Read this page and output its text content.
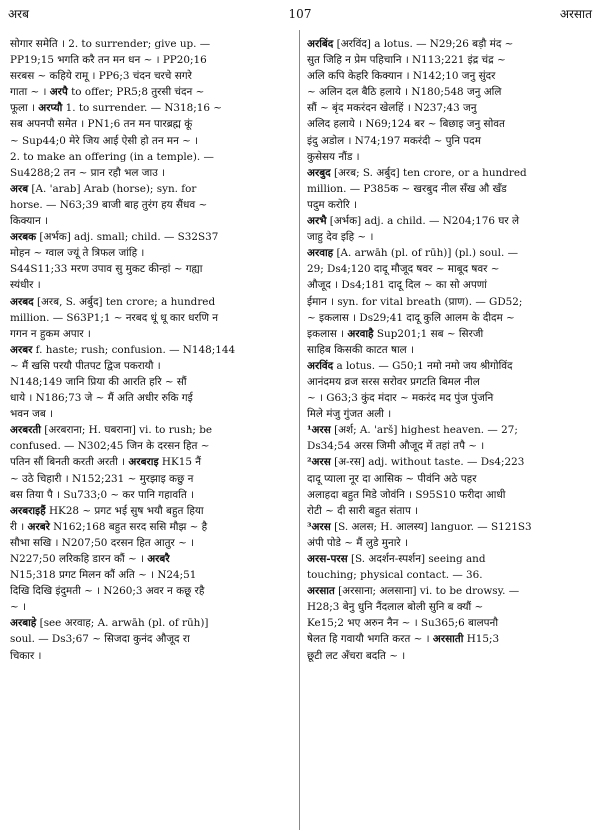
अरब	107	अरसात
सोगार समेति । 2. to surrender; give up. —
PP19;15 भगति करै तन मन धन ~ । PP20;16
सरबस ~ कहिये रामू । PP6;3 चंदन चरचे सगरे
गाता ~ । अरपै to offer; PR5;8 तुरसी चंदन ~
फूला । अरप्यौ 1. to surrender. — N318;16 ~
सब अपनपौ समेत । PN1;6 तन मन पारब्रह्म कूं
~ Sup44;0 मेरे जिय आई ऐसी हो तन मन ~ ।
2. to make an offering (in a temple). —
Su4288;2 तन ~ प्रान रहौ भल जाउ ।
अरब [A. 'arab] Arab (horse); syn. for
horse. — N63;39 बाजी बाह तुरंग हय सैंधव ~
किक्यान ।
अरबक [अर्भक] adj. small; child. — S32S37
मोहन ~ ग्वाल ज्यूं ते त्रिफल जांहि ।
S44S11;33 मरण उपाव सु मुकट कीन्हां ~ गह्या
स्यंधीर ।
अरबद [अरब, S. अर्बुद] ten crore; a hundred
million. — S63P1;1 ~ नरबद धूं धू कार धरणि न
गगन न हुकम अपार ।
अरबर f. haste; rush; confusion. — N148;144
~ मैं खसि परयौ पीतपट द्विज पकरायौ ।
N148;149 जानि प्रिया की आरति हरि ~ सौं
धाये । N186;73 जे ~ मैं अति अधीर रुकि गई
भवन जब ।
अरबरती [अरबराना; H. घबराना] vi. to rush; be
confused. — N302;45 जिन के दरसन हित ~
पतिन सौं बिनती करती अरती । अरबराइ HK15 नैं
~ उठे चिहारी । N152;231 ~ मुरझाइ कछु न
बस तिया पै । Su733;0 ~ कर पानि गहावति ।
अरबराइहैं HK28 ~ प्रगट भई सुष भयौ बहुत हिया
री । अरबरे N162;168 बहुत सरद ससि मौझ ~ है
सौभा सखि । N207;50 दरसन हित आतुर ~ ।
N227;50 लरिकहि डारन कौं ~ । अरबरै
N15;318 प्रगट मिलन कौं अति ~ । N24;51
दिखि दिखि इंदुमती ~ । N260;3 अवर न कछू रहै
~ ।
अरबाहे [see अरवाह; A. arwāh (pl. of rūh)]
soul. — Ds3;67 ~ सिजदा कुनंद औजूद रा
चिकार ।
अरबिंद [अरविंद] a lotus. — N29;26 बड़ौ मंद ~
सुत जिहि न प्रेम पहिचानि । N113;221 इंद्र चंद्र ~
अलि कपि केहरि किक्यान । N142;10 जनु सुंदर
~ अलिन दल बैठि हलाये । N180;548 जनु अलि
सौं ~ बृंद मकरंदन खेलहिं । N237;43 जनु
अलिद हलाये । N69;124 बर ~ बिछाइ जनु सोवत
इंदु अडोल । N74;197 मकरंदी ~ पुनि पदम
कुसेसय नौंड ।
अरबुद [अरब; S. अर्बुद] ten crore, or a hundred
million. — P385क ~ खरबुद नील सँख औ खँड
पदुम करोरि ।
अरभै [अर्भक] adj. a child. — N204;176 घर ले
जाहु देव इहि ~ ।
अरवाह [A. arwāh (pl. of rūh)] (pl.) soul. —
29; Ds4;120 दादू मौजूद षवर ~ माबूद षवर ~
औजूद । Ds4;181 दादू दिल ~ का सो अपणां
ईमान । syn. for vital breath (प्राण). — GD52;
~ इकलास । Ds29;41 दादू कुलि आलम के दीदम ~
इकलास । अरवाहै Sup201;1 सब ~ सिरजी
साहिब किसकी काटत षाल ।
अरविंद a lotus. — G50;1 नमो नमो जय श्रीगोविंद
आनंदमय व्रज सरस सरोवर प्रगटति बिमल नील
~ । G63;3 कुंद मंदार ~ मकरंद मद पुंज पुंजनि
मिले मंजु गुंजत अली ।
¹अरस [अर्श; A. 'arš] highest heaven. — 27;
Ds34;54 अरस जिमी औजूद में तहां तपै ~ ।
²अरस [अ-रस] adj. without taste. — Ds4;223
दादू प्याला नूर दा आसिक ~ पीवंनि अठे पहर
अलाहदा बहुत मिडे जोवंनि । S95S10 फरीदा आधी
रोटी ~ दी सारी बहुत संताप ।
³अरस [S. अलस; H. आलस्य] languor. — S121S3
अंपी पोडे ~ मैं लुडे मुनारे ।
अरस-परस [S. अदर्शन-स्पर्शन] seeing and
touching; physical contact. — 36.
अरसात [अरसाना; अलसाना] vi. to be drowsy. —
H28;3 बेनु धुनि नैंदलाल बोली सुनि ब क्यौं ~
Ke15;2 भए अरुन नैन ~ । Su365;6 बालपनौ
षेलत हि गवायौ भगति करत ~ । अरसाती H15;3
छूटी लट अँचरा बदति ~ ।
